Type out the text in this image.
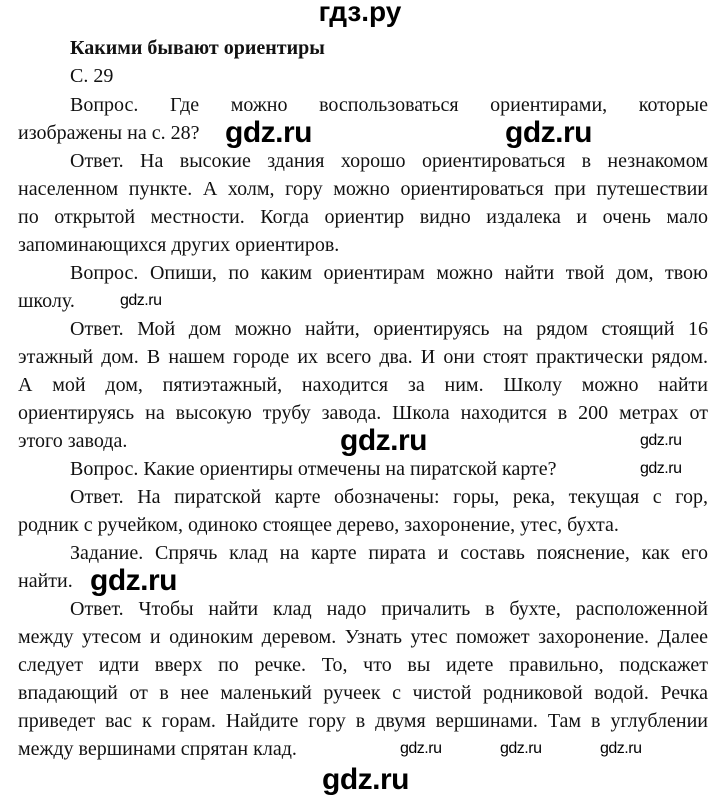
гдз.ру
Какими бывают ориентиры
С. 29
Вопрос. Где можно воспользоваться ориентирами, которые
изображены на с. 28?
Ответ. На высокие здания хорошо ориентироваться в незнакомом
населенном пункте. А холм, гору можно ориентироваться при путешествии
по открытой местности. Когда ориентир видно издалека и очень мало
запоминающихся других ориентиров.
Вопрос. Опиши, по каким ориентирам можно найти твой дом, твою
школу.
Ответ. Мой дом можно найти, ориентируясь на рядом стоящий 16
этажный дом. В нашем городе их всего два. И они стоят практически рядом.
А мой дом, пятиэтажный, находится за ним. Школу можно найти
ориентируясь на высокую трубу завода. Школа находится в 200 метрах от
этого завода.
Вопрос. Какие ориентиры отмечены на пиратской карте?
Ответ. На пиратской карте обозначены: горы, река, текущая с гор,
родник с ручейком, одиноко стоящее дерево, захоронение, утес, бухта.
Задание. Спрячь клад на карте пирата и составь пояснение, как его
найти.
Ответ. Чтобы найти клад надо причалить в бухте, расположенной
между утесом и одиноким деревом. Узнать утес поможет захоронение. Далее
следует идти вверх по речке. То, что вы идете правильно, подскажет
впадающий от в нее маленький ручеек с чистой родниковой водой. Речка
приведет вас к горам. Найдите гору в двумя вершинами. Там в углублении
между вершинами спрятан клад.
gdz.ru	gdz.ru
gdz.ru
gdz.ru
gdz.ru
gdz.ru
gdz.ru
gdz.ru
gdz.ru	gdz.ru	gdz.ru
